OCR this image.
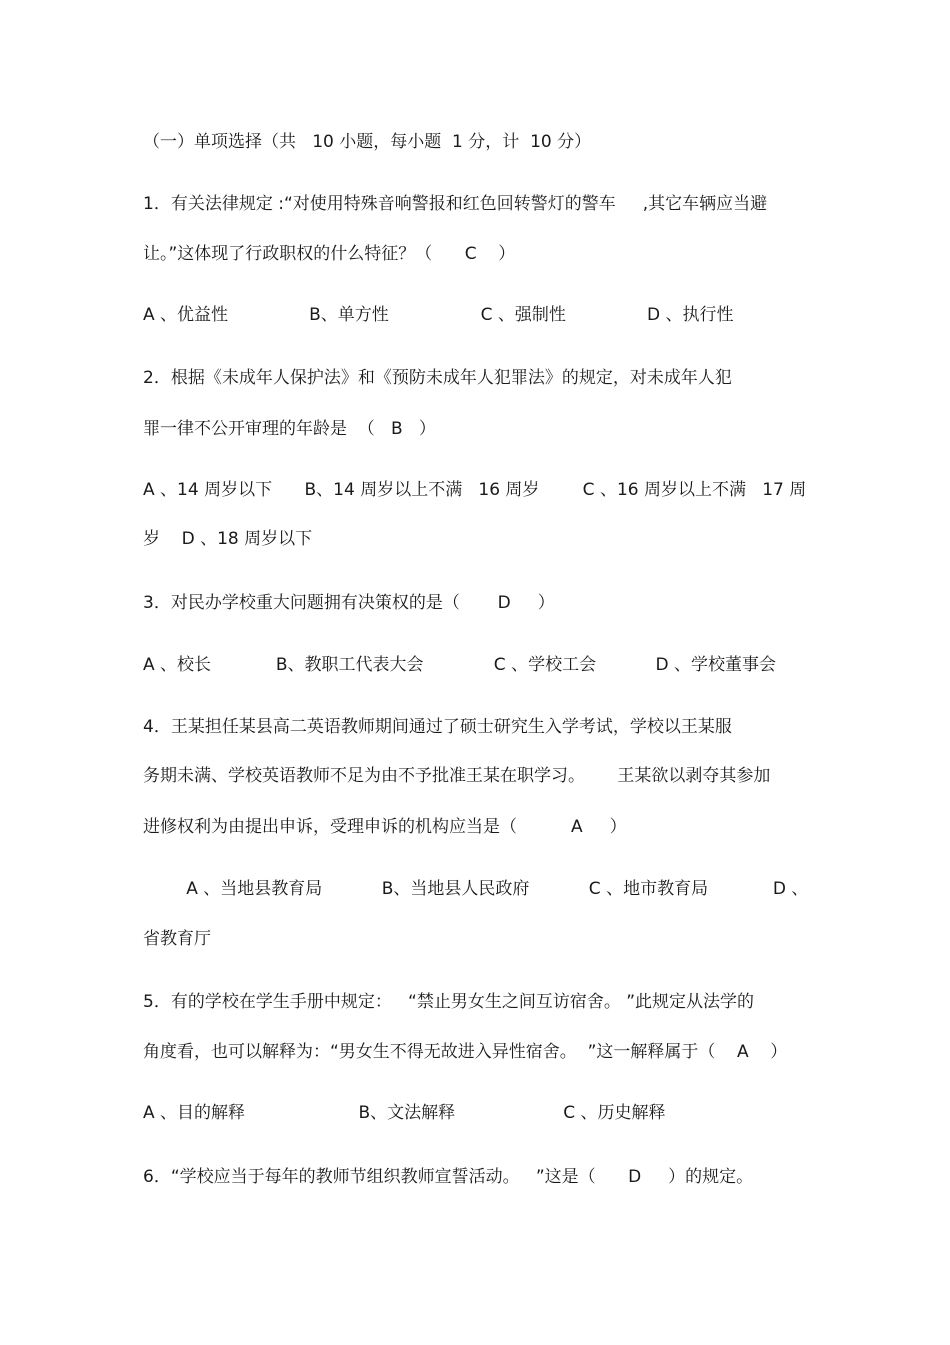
（一）单项选择（共   10 小题，每小题  1 分，计  10 分）

1．有关法律规定 :“对使用特殊音响警报和红色回转警灯的警车     ,其它车辆应当避

让。”这体现了行政职权的什么特征？（      C    ）

A 、优益性               B、单方性                 C 、强制性               D 、执行性

2．根据《未成年人保护法》和《预防未成年人犯罪法》的规定，对未成年人犯

罪一律不公开审理的年龄是  （   B   ）

A 、14 周岁以下      B、14 周岁以上不满   16 周岁        C 、16 周岁以上不满   17 周

岁    D 、18 周岁以下

3．对民办学校重大问题拥有决策权的是（       D     ）

A 、校长            B、教职工代表大会             C 、学校工会           D 、学校董事会

4．王某担任某县高二英语教师期间通过了硕士研究生入学考试，学校以王某服

务期未满、学校英语教师不足为由不予批准王某在职学习。      王某欲以剥夺其参加

进修权利为由提出申诉，受理申诉的机构应当是（          A     ）

A 、当地县教育局           B、当地县人民政府           C 、地市教育局            D 、

省教育厅

5．有的学校在学生手册中规定：   “禁止男女生之间互访宿舍。 ”此规定从法学的

角度看，也可以解释为：“男女生不得无故进入异性宿舍。  ”这一解释属于（    A    ）

A 、目的解释                     B、文法解释                    C 、历史解释

6．“学校应当于每年的教师节组织教师宣誓活动。   ”这是（      D     ）的规定。
